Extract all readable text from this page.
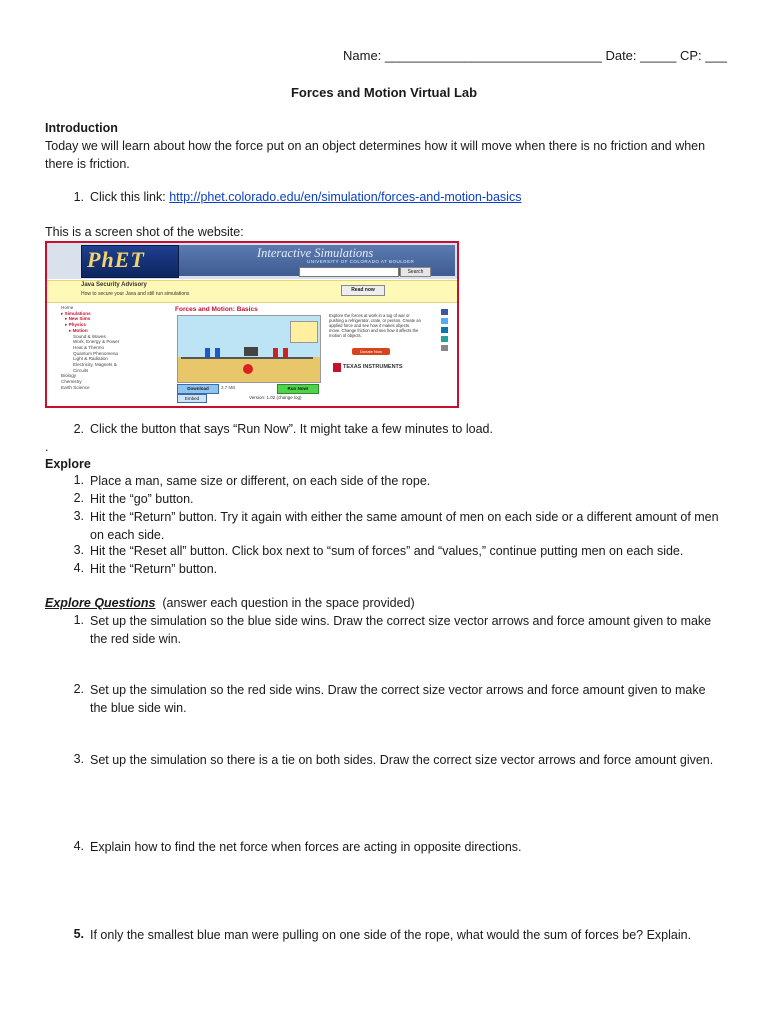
Name: ______________________________ Date: _____ CP: ___
Forces and Motion Virtual Lab
Introduction
Today we will learn about how the force put on an object determines how it will move when there is no friction and when there is friction.
1. Click this link: http://phet.colorado.edu/en/simulation/forces-and-motion-basics
This is a screen shot of the website:
PhET	Interactive Simulations
UNIVERSITY OF COLORADO AT BOULDER
Search
Java Security Advisory
How to secure your Java and still run simulations
Read now
Home
▸ Simulations
▸ New Sims
▸ Physics
▸ Motion
Sound & Waves
Work, Energy & Power
Heat & Thermo
Quantum Phenomena
Light & Radiation
Electricity, Magnets & Circuits
Biology
Chemistry
Earth Science
Forces and Motion: Basics
Explore the forces at work in a tug of war or pushing a refrigerator, crate, or person. Create an applied force and see how it makes objects move. Change friction and see how it affects the motion of objects.
Donate Now
TEXAS INSTRUMENTS
Download	3.7 MB	Run Now!
Embed	Version: 1.02 (change log)
2. Click the button that says “Run Now”. It might take a few minutes to load.
.
Explore
1. Place a man, same size or different, on each side of the rope.
2. Hit the “go” button.
3. Hit the “Return” button. Try it again with either the same amount of men on each side or a different amount of men on each side.
3. Hit the “Reset all” button. Click box next to “sum of forces” and “values,” continue putting men on each side.
4. Hit the “Return” button.
Explore Questions  (answer each question in the space provided)
1. Set up the simulation so the blue side wins. Draw the correct size vector arrows and force amount given to make the red side win.
2. Set up the simulation so the red side wins. Draw the correct size vector arrows and force amount given to make the blue side win.
3. Set up the simulation so there is a tie on both sides. Draw the correct size vector arrows and force amount given.
4. Explain how to find the net force when forces are acting in opposite directions.
5. If only the smallest blue man were pulling on one side of the rope, what would the sum of forces be? Explain.
